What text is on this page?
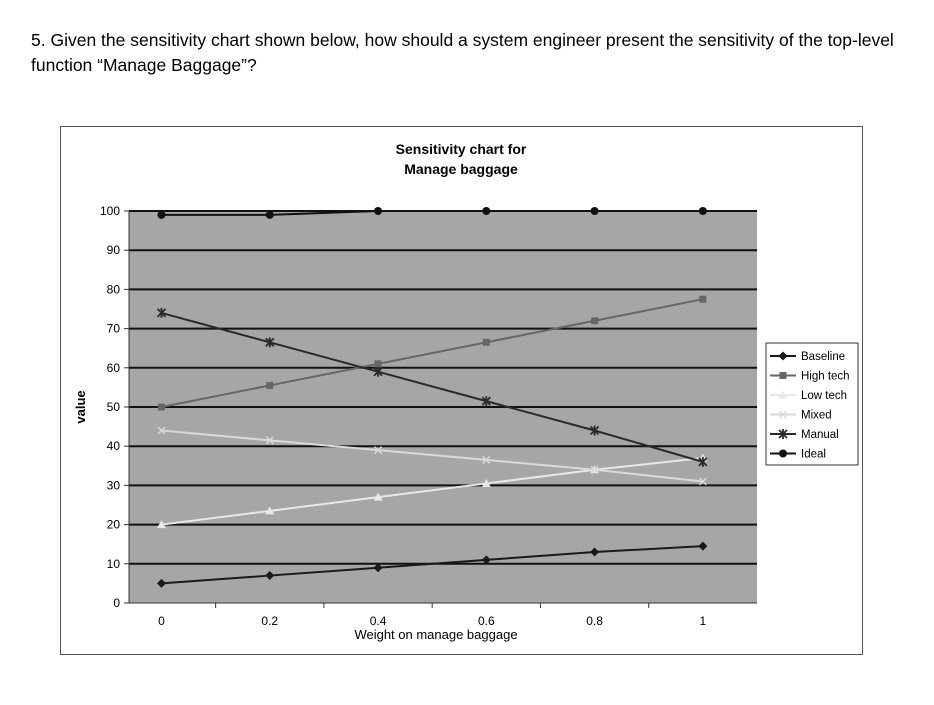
5. Given the sensitivity chart shown below, how should a system engineer present the sensitivity of the top-level function “Manage Baggage”?

Sensitivity chart for
Manage baggage
0
10
20
30
40
50
60
70
80
90
100
0	0.2	0.4	0.6	0.8	1
value
Weight on manage baggage
Baseline
High tech
Low tech
Mixed
Manual
Ideal
